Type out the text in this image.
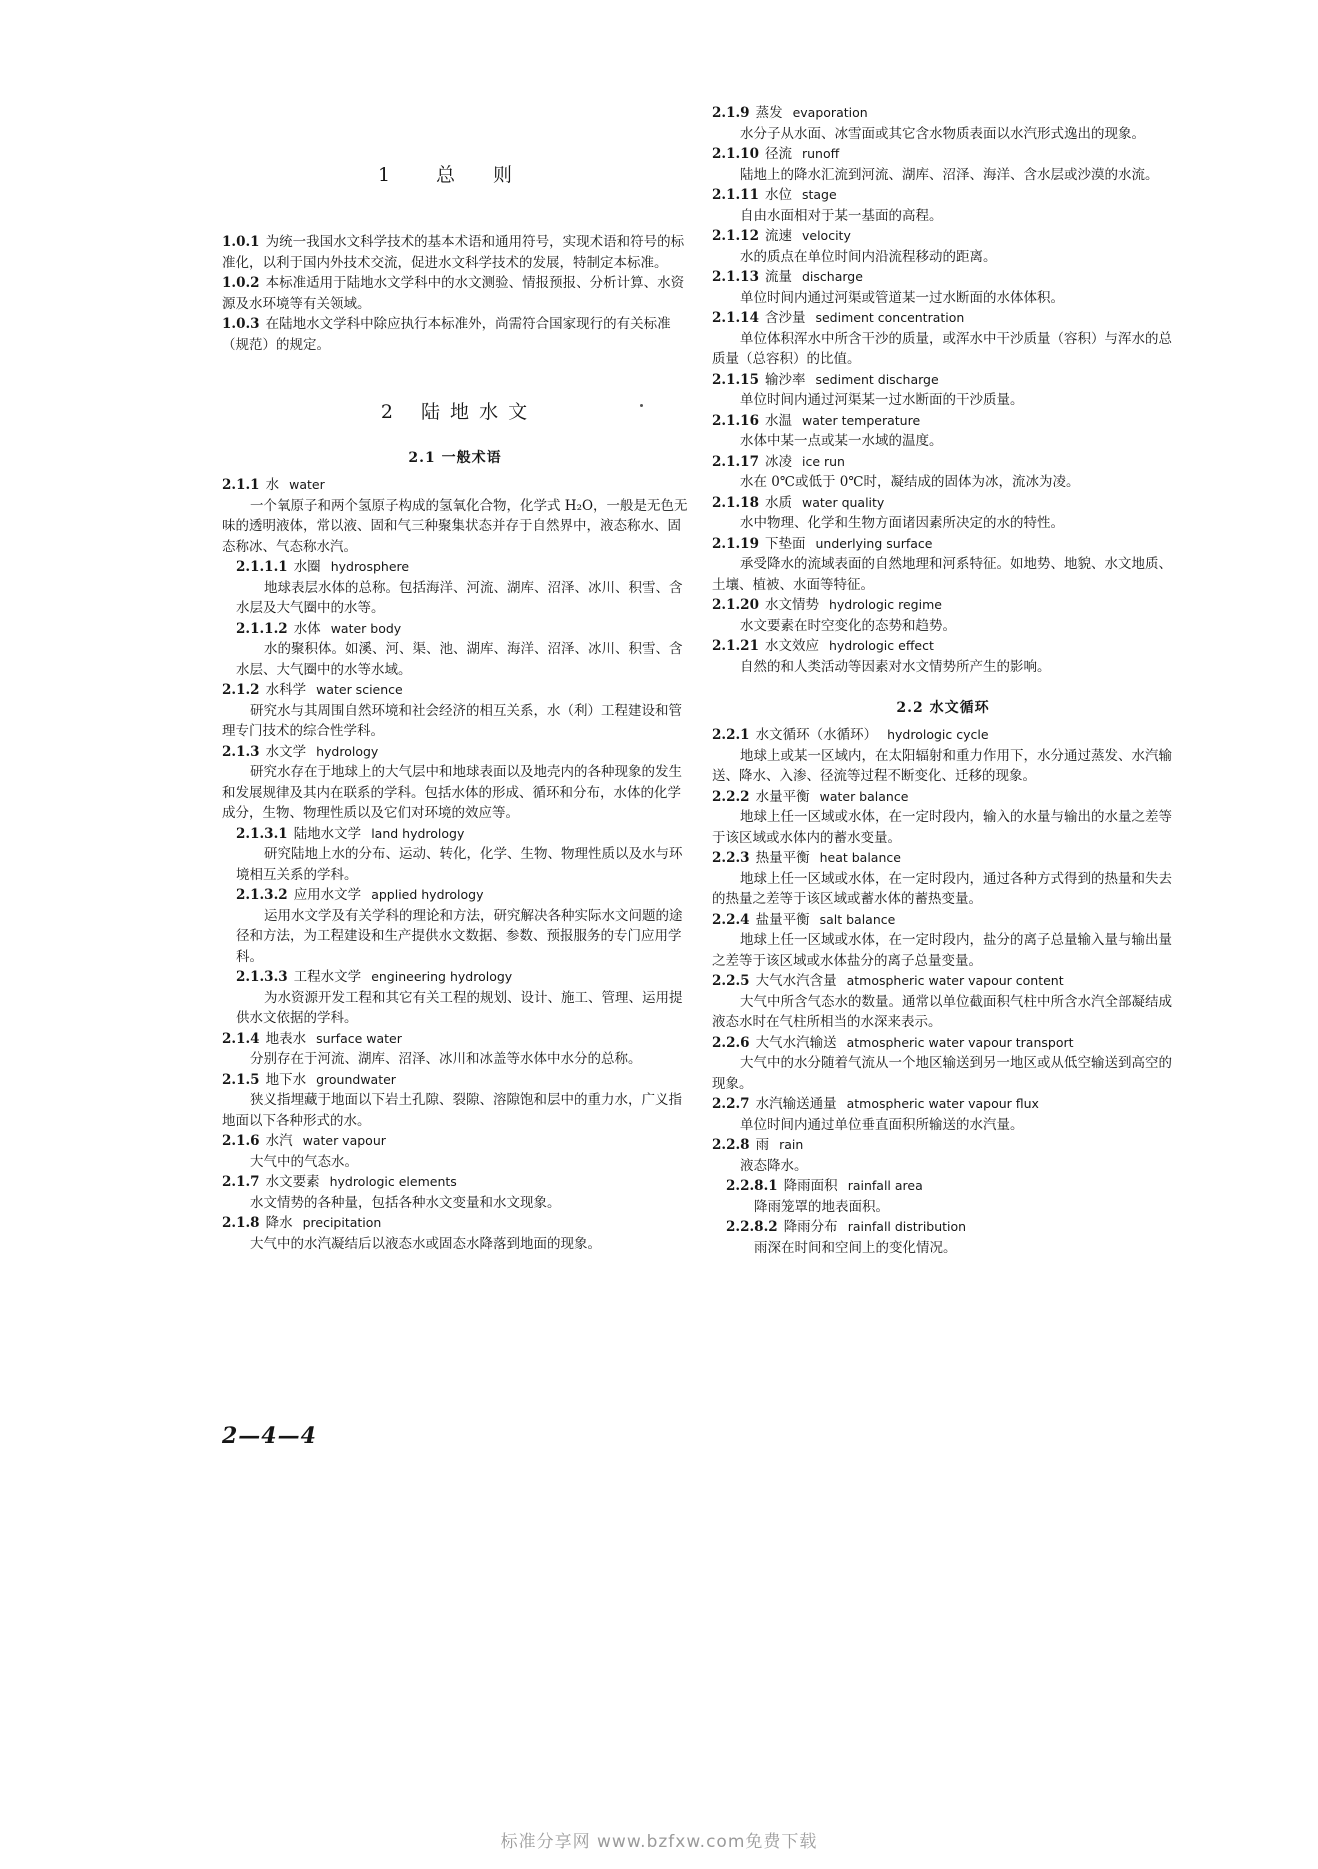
1 总 则

1.0.1 为统一我国水文科学技术的基本术语和通用符号，实现术语和符号的标准化，以利于国内外技术交流，促进水文科学技术的发展，特制定本标准。

1.0.2 本标准适用于陆地水文学科中的水文测验、情报预报、分析计算、水资源及水环境等有关领域。

1.0.3 在陆地水文学科中除应执行本标准外，尚需符合国家现行的有关标准（规范）的规定。

2 陆 地 水 文
2.1 一般术语

2.1.1 水 water

一个氧原子和两个氢原子构成的氢氧化合物，化学式 H₂O，一般是无色无味的透明液体，常以液、固和气三种聚集状态并存于自然界中，液态称水、固态称冰、气态称水汽。

2.1.1.1 水圈 hydrosphere

地球表层水体的总称。包括海洋、河流、湖库、沼泽、冰川、积雪、含水层及大气圈中的水等。

2.1.1.2 水体 water body

水的聚积体。如溪、河、渠、池、湖库、海洋、沼泽、冰川、积雪、含水层、大气圈中的水等水域。

2.1.2 水科学 water science

研究水与其周围自然环境和社会经济的相互关系，水（利）工程建设和管理专门技术的综合性学科。

2.1.3 水文学 hydrology

研究水存在于地球上的大气层中和地球表面以及地壳内的各种现象的发生和发展规律及其内在联系的学科。包括水体的形成、循环和分布，水体的化学成分，生物、物理性质以及它们对环境的效应等。

2.1.3.1 陆地水文学 land hydrology

研究陆地上水的分布、运动、转化，化学、生物、物理性质以及水与环境相互关系的学科。

2.1.3.2 应用水文学 applied hydrology

运用水文学及有关学科的理论和方法，研究解决各种实际水文问题的途径和方法，为工程建设和生产提供水文数据、参数、预报服务的专门应用学科。

2.1.3.3 工程水文学 engineering hydrology

为水资源开发工程和其它有关工程的规划、设计、施工、管理、运用提供水文依据的学科。

2.1.4 地表水 surface water

分别存在于河流、湖库、沼泽、冰川和冰盖等水体中水分的总称。

2.1.5 地下水 groundwater

狭义指埋藏于地面以下岩土孔隙、裂隙、溶隙饱和层中的重力水，广义指地面以下各种形式的水。

2.1.6 水汽 water vapour

大气中的气态水。

2.1.7 水文要素 hydrologic elements

水文情势的各种量，包括各种水文变量和水文现象。

2.1.8 降水 precipitation

大气中的水汽凝结后以液态水或固态水降落到地面的现象。

2.1.9 蒸发 evaporation

水分子从水面、冰雪面或其它含水物质表面以水汽形式逸出的现象。

2.1.10 径流 runoff

陆地上的降水汇流到河流、湖库、沼泽、海洋、含水层或沙漠的水流。

2.1.11 水位 stage

自由水面相对于某一基面的高程。

2.1.12 流速 velocity

水的质点在单位时间内沿流程移动的距离。

2.1.13 流量 discharge

单位时间内通过河渠或管道某一过水断面的水体体积。

2.1.14 含沙量 sediment concentration

单位体积浑水中所含干沙的质量，或浑水中干沙质量（容积）与浑水的总质量（总容积）的比值。

2.1.15 输沙率 sediment discharge

单位时间内通过河渠某一过水断面的干沙质量。

2.1.16 水温 water temperature

水体中某一点或某一水域的温度。

2.1.17 冰凌 ice run

水在 0℃或低于 0℃时，凝结成的固体为冰，流冰为凌。

2.1.18 水质 water quality

水中物理、化学和生物方面诸因素所决定的水的特性。

2.1.19 下垫面 underlying surface

承受降水的流域表面的自然地理和河系特征。如地势、地貌、水文地质、土壤、植被、水面等特征。

2.1.20 水文情势 hydrologic regime

水文要素在时空变化的态势和趋势。

2.1.21 水文效应 hydrologic effect

自然的和人类活动等因素对水文情势所产生的影响。

2.2 水文循环

2.2.1 水文循环（水循环） hydrologic cycle

地球上或某一区域内，在太阳辐射和重力作用下，水分通过蒸发、水汽输送、降水、入渗、径流等过程不断变化、迁移的现象。

2.2.2 水量平衡 water balance

地球上任一区域或水体，在一定时段内，输入的水量与输出的水量之差等于该区域或水体内的蓄水变量。

2.2.3 热量平衡 heat balance

地球上任一区域或水体，在一定时段内，通过各种方式得到的热量和失去的热量之差等于该区域或蓄水体的蓄热变量。

2.2.4 盐量平衡 salt balance

地球上任一区域或水体，在一定时段内，盐分的离子总量输入量与输出量之差等于该区域或水体盐分的离子总量变量。

2.2.5 大气水汽含量 atmospheric water vapour content

大气中所含气态水的数量。通常以单位截面积气柱中所含水汽全部凝结成液态水时在气柱所相当的水深来表示。

2.2.6 大气水汽输送 atmospheric water vapour transport

大气中的水分随着气流从一个地区输送到另一地区或从低空输送到高空的现象。

2.2.7 水汽输送通量 atmospheric water vapour flux

单位时间内通过单位垂直面积所输送的水汽量。

2.2.8 雨 rain

液态降水。

2.2.8.1 降雨面积 rainfall area

降雨笼罩的地表面积。

2.2.8.2 降雨分布 rainfall distribution

雨深在时间和空间上的变化情况。

2—4—4
标准分享网 www.bzfxw.com免费下载
